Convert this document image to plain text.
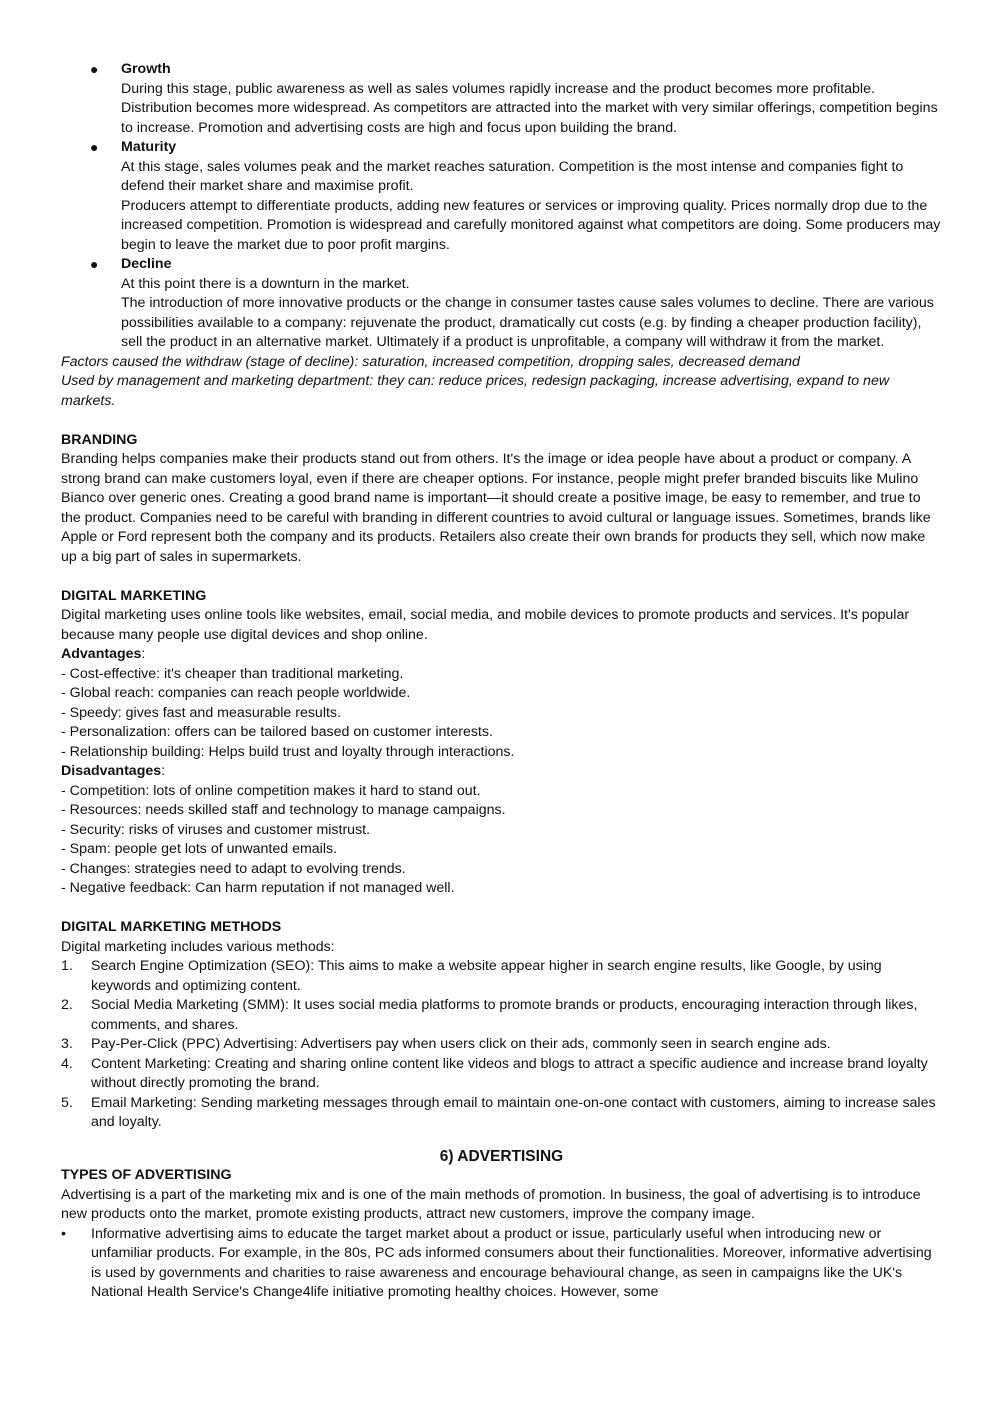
● Growth
During this stage, public awareness as well as sales volumes rapidly increase and the product becomes more profitable.
Distribution becomes more widespread. As competitors are attracted into the market with very similar offerings, competition begins to increase. Promotion and advertising costs are high and focus upon building the brand.
● Maturity
At this stage, sales volumes peak and the market reaches saturation. Competition is the most intense and companies fight to defend their market share and maximise profit.
Producers attempt to differentiate products, adding new features or services or improving quality. Prices normally drop due to the increased competition. Promotion is widespread and carefully monitored against what competitors are doing. Some producers may begin to leave the market due to poor profit margins.
● Decline
At this point there is a downturn in the market.
The introduction of more innovative products or the change in consumer tastes cause sales volumes to decline. There are various possibilities available to a company: rejuvenate the product, dramatically cut costs (e.g. by finding a cheaper production facility), sell the product in an alternative market. Ultimately if a product is unprofitable, a company will withdraw it from the market.
Factors caused the withdraw (stage of decline): saturation, increased competition, dropping sales, decreased demand
Used by management and marketing department: they can: reduce prices, redesign packaging, increase advertising, expand to new markets.
BRANDING
Branding helps companies make their products stand out from others. It's the image or idea people have about a product or company. A strong brand can make customers loyal, even if there are cheaper options. For instance, people might prefer branded biscuits like Mulino Bianco over generic ones. Creating a good brand name is important—it should create a positive image, be easy to remember, and true to the product. Companies need to be careful with branding in different countries to avoid cultural or language issues. Sometimes, brands like Apple or Ford represent both the company and its products. Retailers also create their own brands for products they sell, which now make up a big part of sales in supermarkets.
DIGITAL MARKETING
Digital marketing uses online tools like websites, email, social media, and mobile devices to promote products and services. It's popular because many people use digital devices and shop online.
Advantages:
- Cost-effective: it's cheaper than traditional marketing.
- Global reach: companies can reach people worldwide.
- Speedy: gives fast and measurable results.
- Personalization: offers can be tailored based on customer interests.
- Relationship building: Helps build trust and loyalty through interactions.
Disadvantages:
- Competition: lots of online competition makes it hard to stand out.
- Resources: needs skilled staff and technology to manage campaigns.
- Security: risks of viruses and customer mistrust.
- Spam: people get lots of unwanted emails.
- Changes: strategies need to adapt to evolving trends.
- Negative feedback: Can harm reputation if not managed well.
DIGITAL MARKETING METHODS
Digital marketing includes various methods:
1. Search Engine Optimization (SEO): This aims to make a website appear higher in search engine results, like Google, by using keywords and optimizing content.
2. Social Media Marketing (SMM): It uses social media platforms to promote brands or products, encouraging interaction through likes, comments, and shares.
3. Pay-Per-Click (PPC) Advertising: Advertisers pay when users click on their ads, commonly seen in search engine ads.
4. Content Marketing: Creating and sharing online content like videos and blogs to attract a specific audience and increase brand loyalty without directly promoting the brand.
5. Email Marketing: Sending marketing messages through email to maintain one-on-one contact with customers, aiming to increase sales and loyalty.
6) ADVERTISING
TYPES OF ADVERTISING
Advertising is a part of the marketing mix and is one of the main methods of promotion. In business, the goal of advertising is to introduce new products onto the market, promote existing products, attract new customers, improve the company image.
• Informative advertising aims to educate the target market about a product or issue, particularly useful when introducing new or unfamiliar products. For example, in the 80s, PC ads informed consumers about their functionalities. Moreover, informative advertising is used by governments and charities to raise awareness and encourage behavioural change, as seen in campaigns like the UK's National Health Service's Change4life initiative promoting healthy choices. However, some
